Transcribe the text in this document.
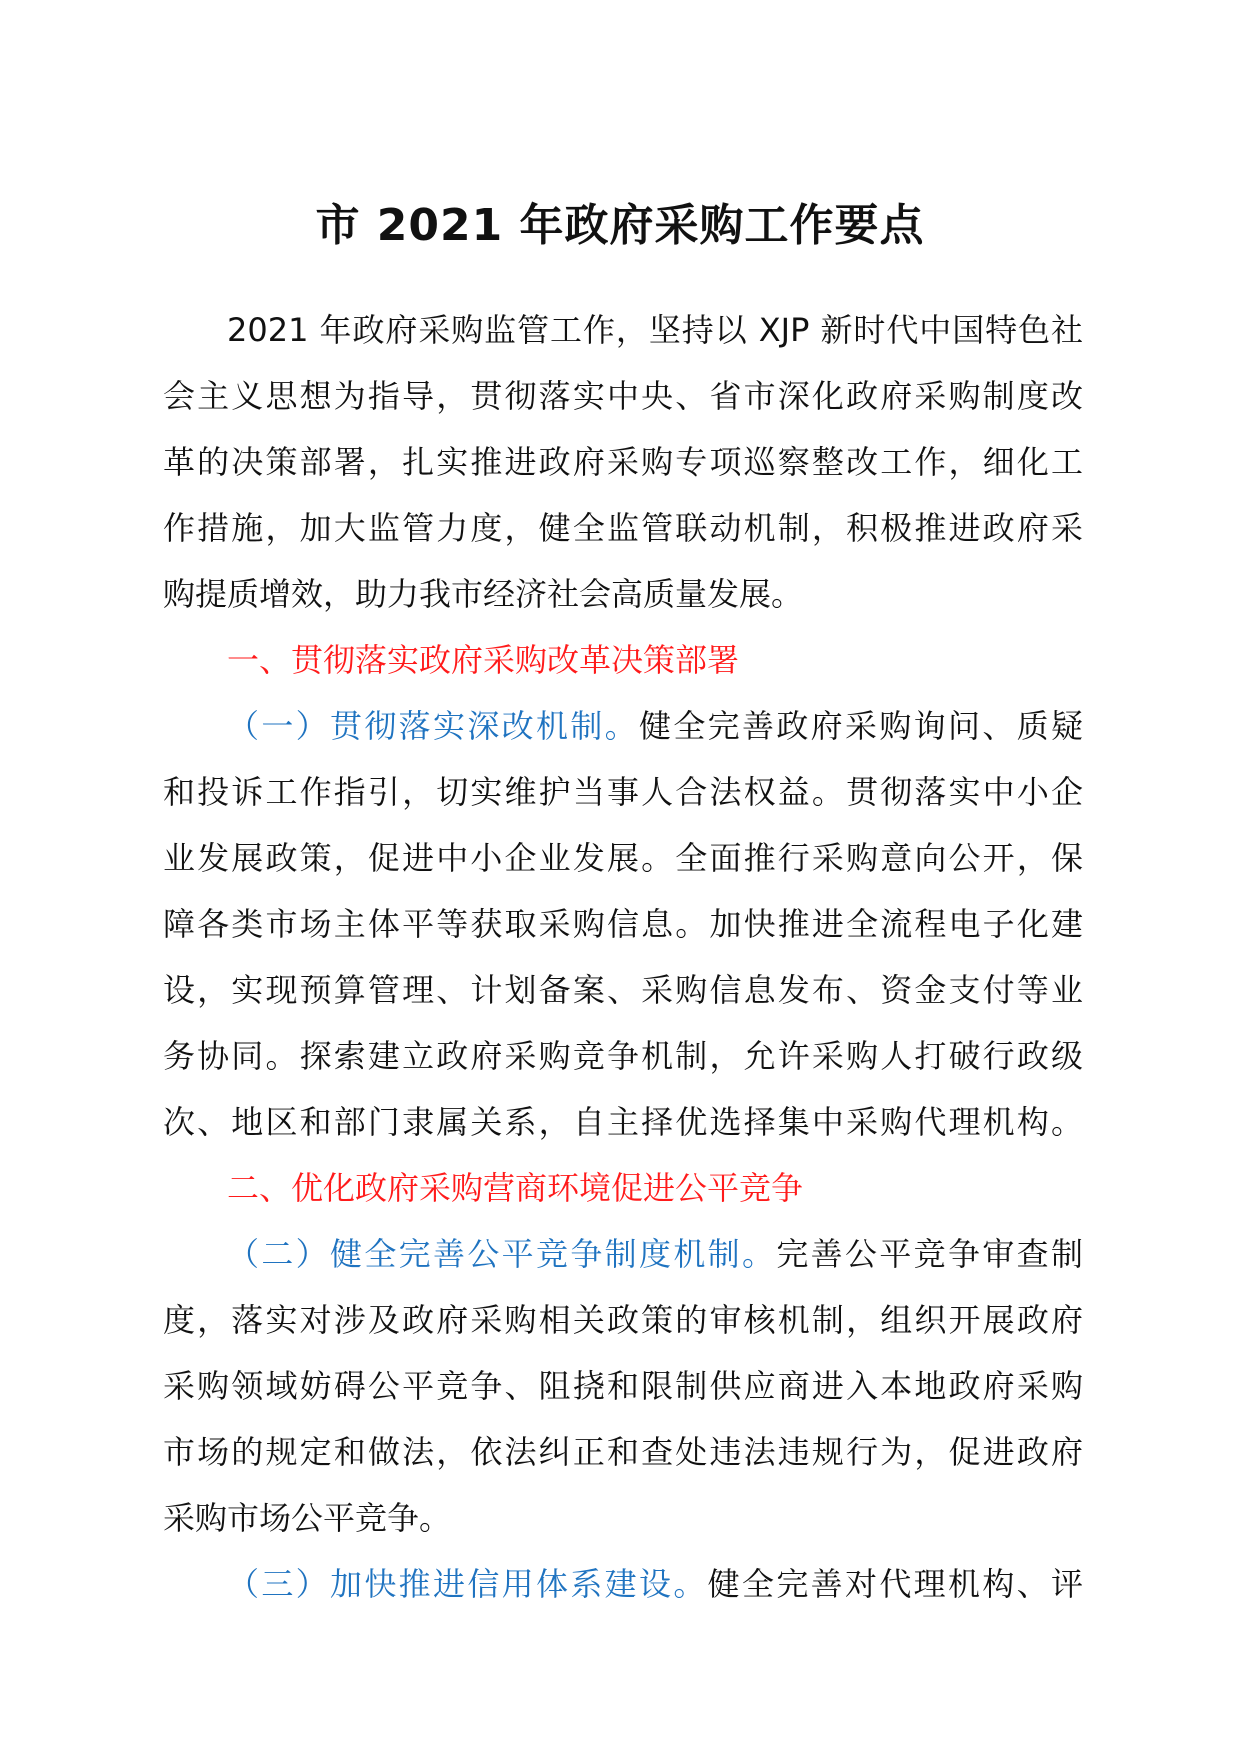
市 2021 年政府采购工作要点
2021 年政府采购监管工作，坚持以 XJP 新时代中国特色社
会主义思想为指导，贯彻落实中央、省市深化政府采购制度改
革的决策部署，扎实推进政府采购专项巡察整改工作，细化工
作措施，加大监管力度，健全监管联动机制，积极推进政府采
购提质增效，助力我市经济社会高质量发展。
一、贯彻落实政府采购改革决策部署
（一）贯彻落实深改机制。健全完善政府采购询问、质疑
和投诉工作指引，切实维护当事人合法权益。贯彻落实中小企
业发展政策，促进中小企业发展。全面推行采购意向公开，保
障各类市场主体平等获取采购信息。加快推进全流程电子化建
设，实现预算管理、计划备案、采购信息发布、资金支付等业
务协同。探索建立政府采购竞争机制，允许采购人打破行政级
次、地区和部门隶属关系，自主择优选择集中采购代理机构。
二、优化政府采购营商环境促进公平竞争
（二）健全完善公平竞争制度机制。完善公平竞争审查制
度，落实对涉及政府采购相关政策的审核机制，组织开展政府
采购领域妨碍公平竞争、阻挠和限制供应商进入本地政府采购
市场的规定和做法，依法纠正和查处违法违规行为，促进政府
采购市场公平竞争。
（三）加快推进信用体系建设。健全完善对代理机构、评
